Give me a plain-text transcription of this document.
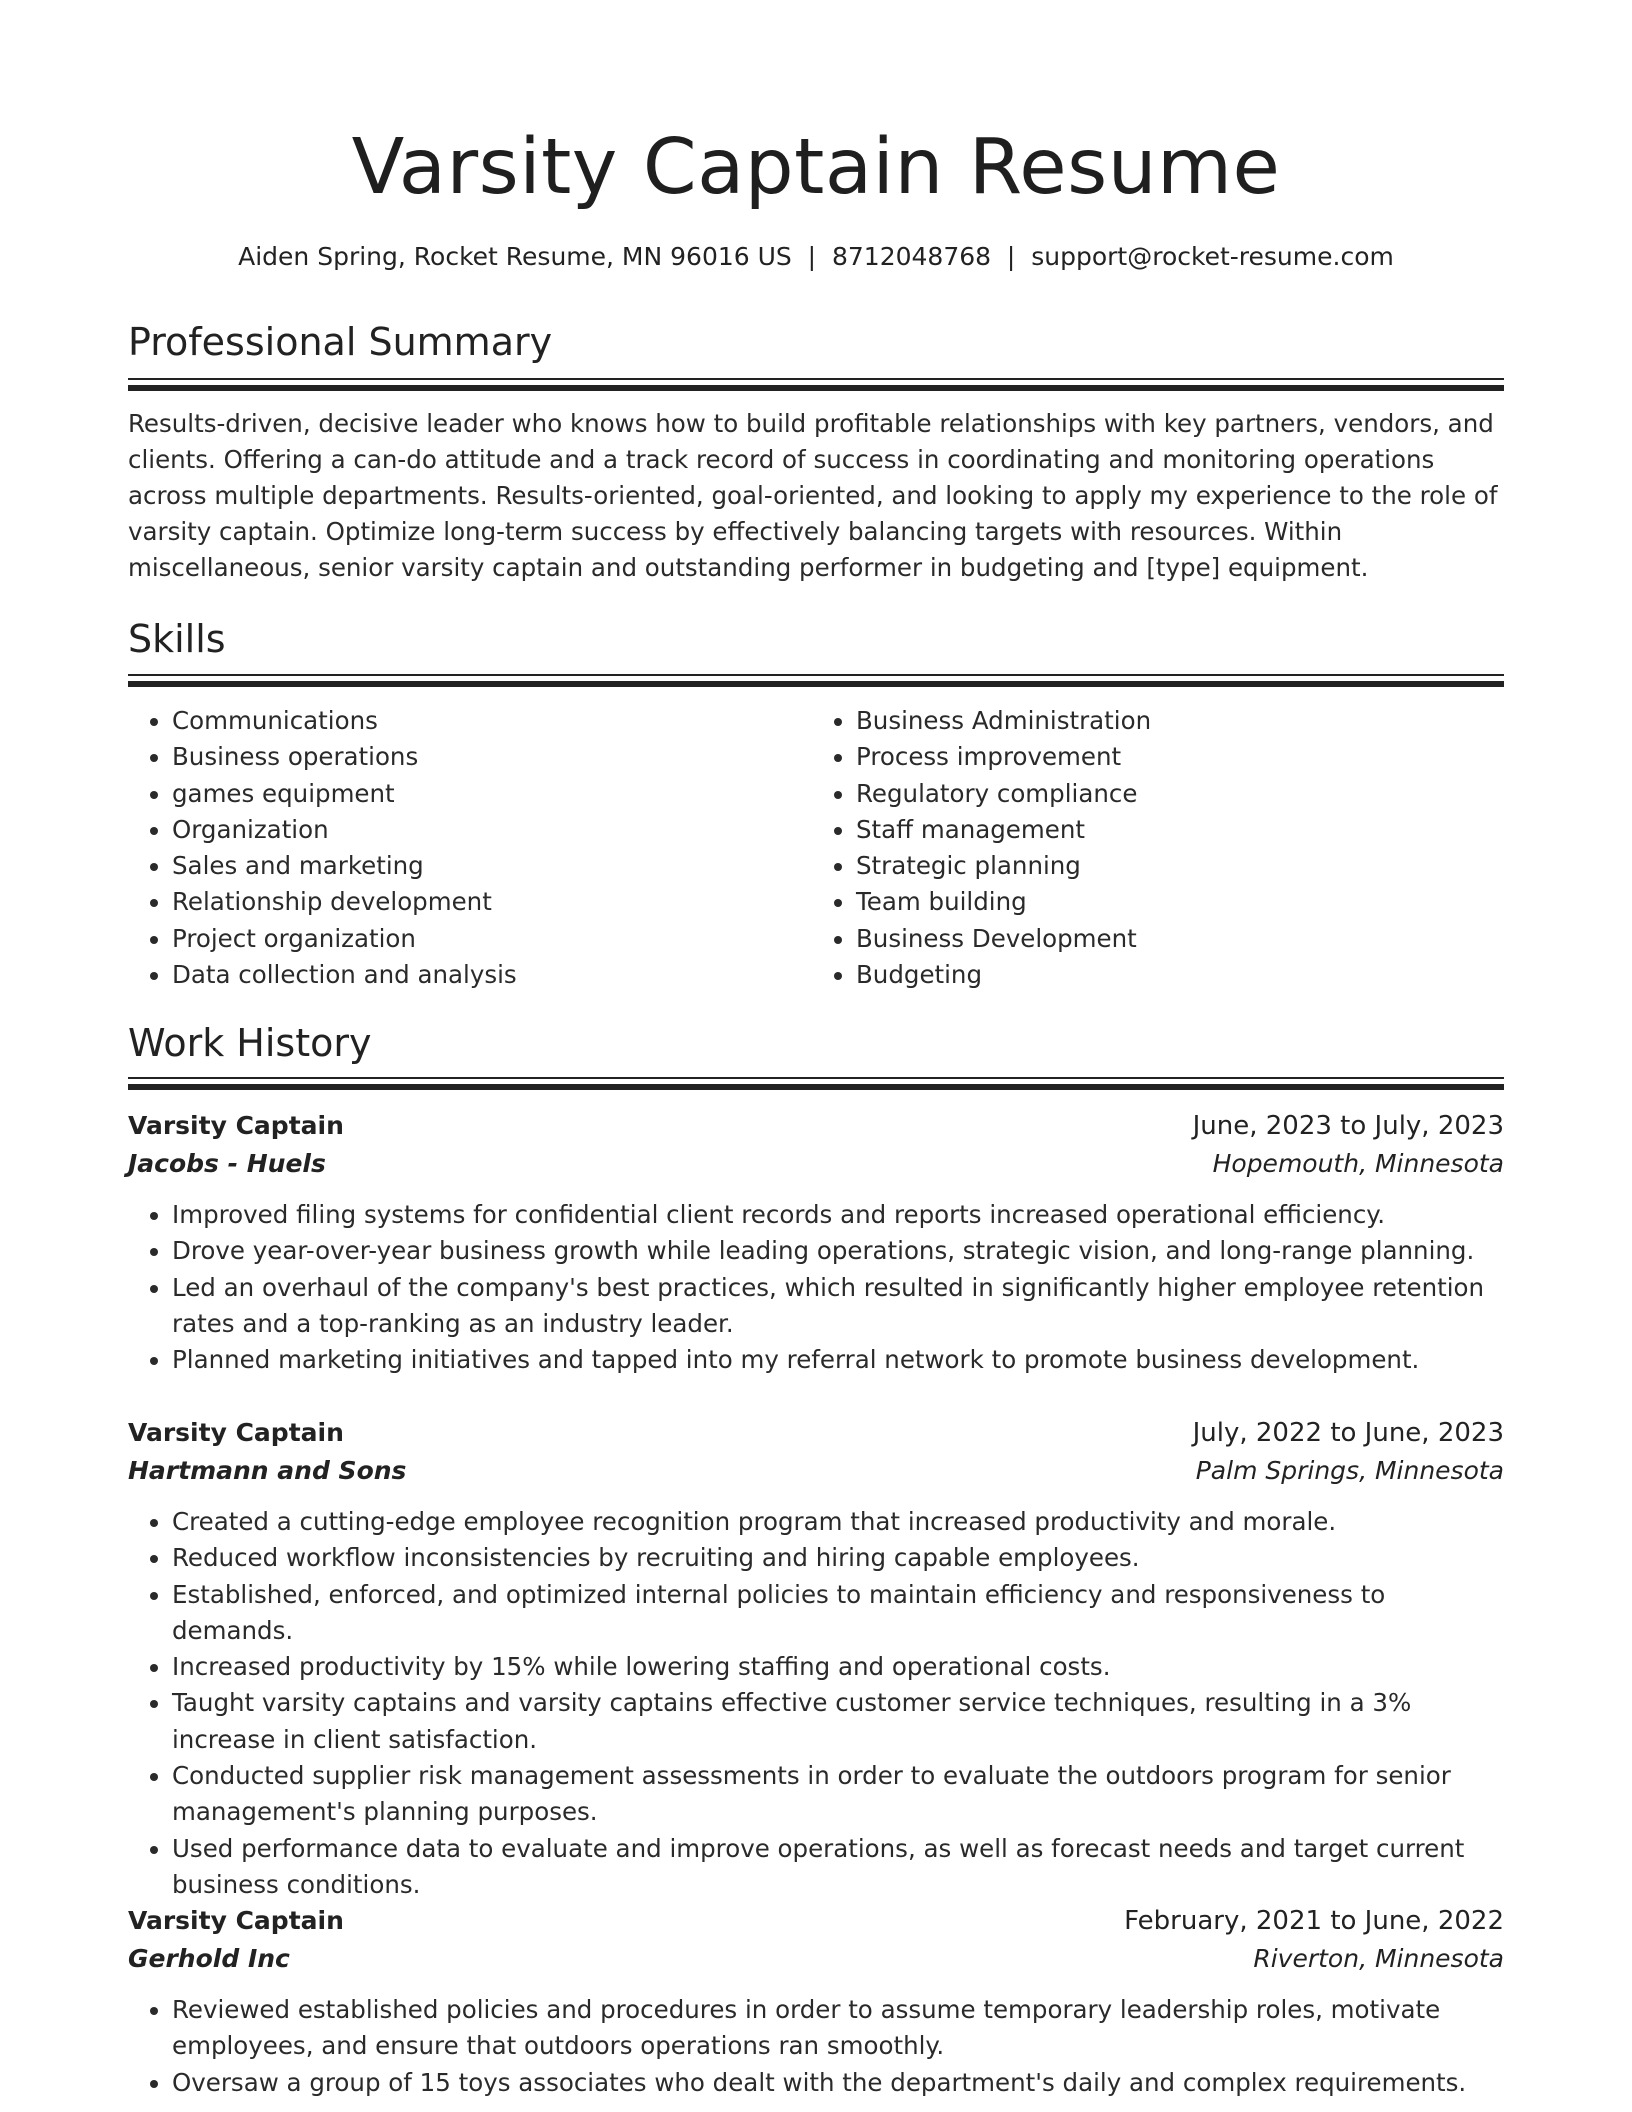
Varsity Captain Resume
Aiden Spring, Rocket Resume, MN 96016 US  |  8712048768  |  support@rocket-resume.com
Professional Summary

Results-driven, decisive leader who knows how to build profitable relationships with key partners, vendors, and clients. Offering a can-do attitude and a track record of success in coordinating and monitoring operations across multiple departments. Results-oriented, goal-oriented, and looking to apply my experience to the role of varsity captain. Optimize long-term success by effectively balancing targets with resources. Within miscellaneous, senior varsity captain and outstanding performer in budgeting and [type] equipment.

Skills
• Communications
• Business operations
• games equipment
• Organization
• Sales and marketing
• Relationship development
• Project organization
• Data collection and analysis
• Business Administration
• Process improvement
• Regulatory compliance
• Staff management
• Strategic planning
• Team building
• Business Development
• Budgeting
Work History
Varsity Captain	June, 2023 to July, 2023
Jacobs - Huels	Hopemouth, Minnesota
• Improved filing systems for confidential client records and reports increased operational efficiency.
• Drove year-over-year business growth while leading operations, strategic vision, and long-range planning.
• Led an overhaul of the company's best practices, which resulted in significantly higher employee retention rates and a top-ranking as an industry leader.
• Planned marketing initiatives and tapped into my referral network to promote business development.
Varsity Captain	July, 2022 to June, 2023
Hartmann and Sons	Palm Springs, Minnesota
• Created a cutting-edge employee recognition program that increased productivity and morale.
• Reduced workflow inconsistencies by recruiting and hiring capable employees.
• Established, enforced, and optimized internal policies to maintain efficiency and responsiveness to demands.
• Increased productivity by 15% while lowering staffing and operational costs.
• Taught varsity captains and varsity captains effective customer service techniques, resulting in a 3% increase in client satisfaction.
• Conducted supplier risk management assessments in order to evaluate the outdoors program for senior management's planning purposes.
• Used performance data to evaluate and improve operations, as well as forecast needs and target current business conditions.
Varsity Captain	February, 2021 to June, 2022
Gerhold Inc	Riverton, Minnesota
• Reviewed established policies and procedures in order to assume temporary leadership roles, motivate employees, and ensure that outdoors operations ran smoothly.
• Oversaw a group of 15 toys associates who dealt with the department's daily and complex requirements.
